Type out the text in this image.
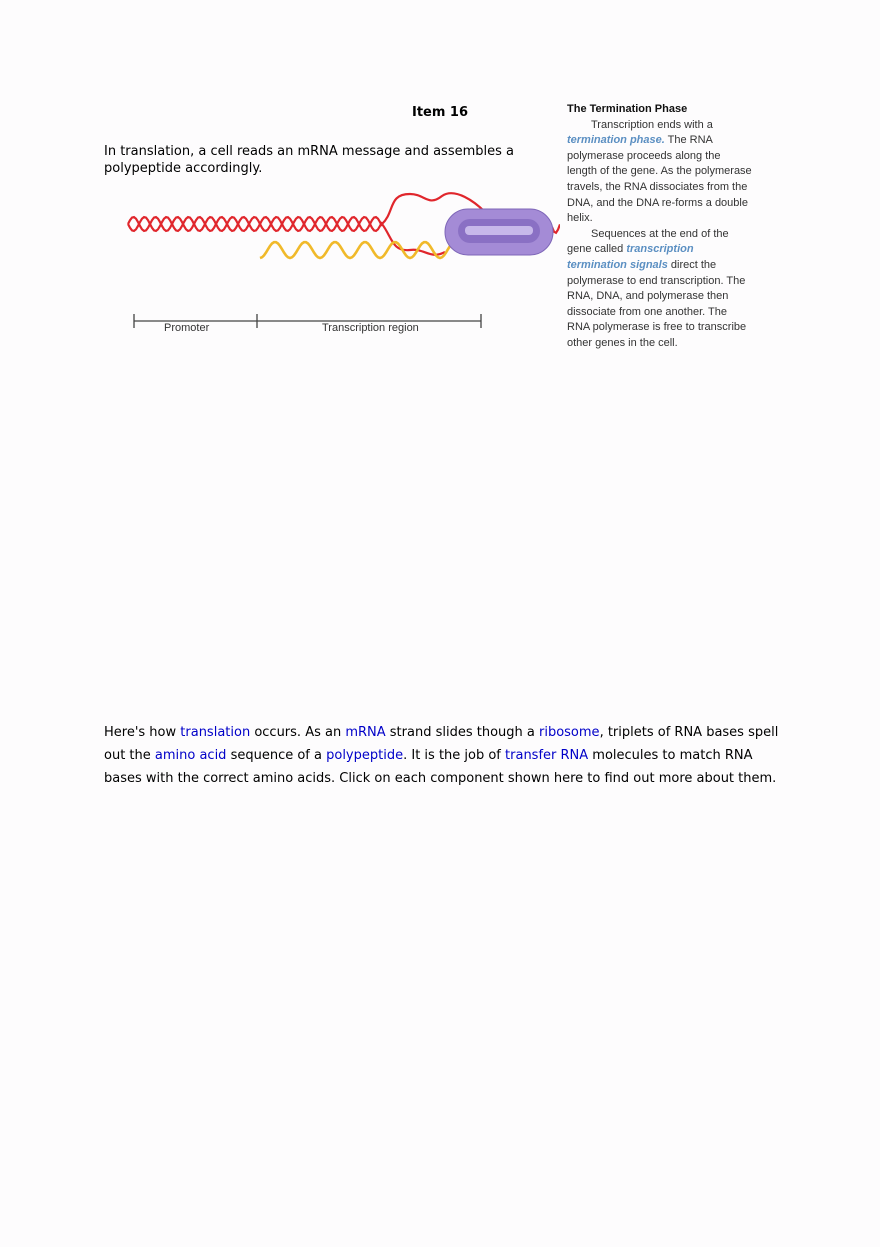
Item 16
In translation, a cell reads an mRNA message and assembles a polypeptide accordingly.
Promoter	Transcription region
The Termination Phase

Transcription ends with a termination phase. The RNA polymerase proceeds along the length of the gene. As the polymerase travels, the RNA dissociates from the DNA, and the DNA re-forms a double helix.

Sequences at the end of the gene called transcription termination signals direct the polymerase to end transcription. The RNA, DNA, and polymerase then dissociate from one another. The RNA polymerase is free to transcribe other genes in the cell.

Here's how translation occurs. As an mRNA strand slides though a ribosome, triplets of RNA bases spell out the amino acid sequence of a polypeptide. It is the job of transfer RNA molecules to match RNA bases with the correct amino acids. Click on each component shown here to find out more about them.
